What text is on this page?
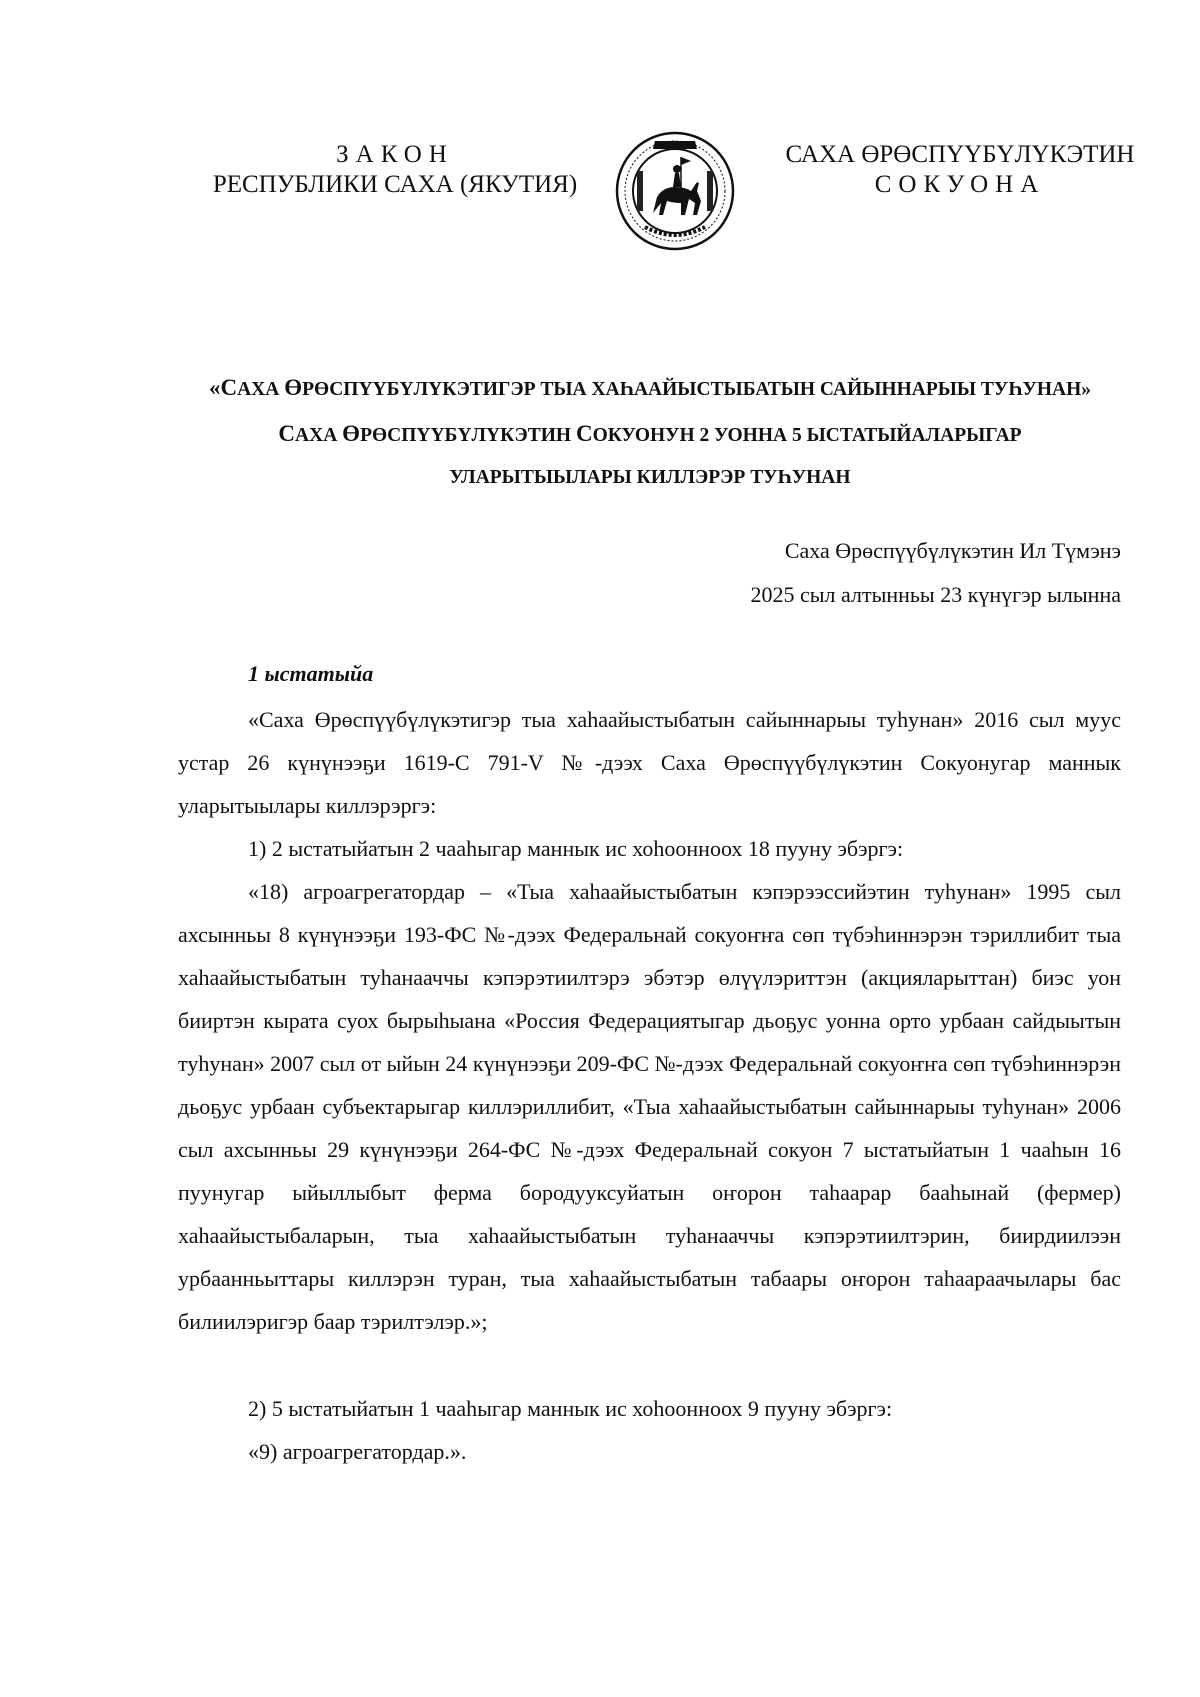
ЗАКОН
РЕСПУБЛИКИ САХА (ЯКУТИЯ)
САХА ӨРӨСПҮҮБҮЛҮКЭТИН
СОКУОНА
«САХА ӨРӨСПҮҮБҮЛҮКЭТИГЭР ТЫА ХАҺААЙЫСТЫБАТЫН САЙЫННАРЫЫ ТУҺУНАН»
САХА ӨРӨСПҮҮБҮЛҮКЭТИН СОКУОНУН 2 УОННА 5 ЫСТАТЫЙАЛАРЫГАР
УЛАРЫТЫЫЛАРЫ КИЛЛЭРЭР ТУҺУНАН
Саха Өрөспүүбүлүкэтин Ил Түмэнэ
2025 сыл алтынньы 23 күнүгэр ылынна
1 ыстатыйа
«Саха Өрөспүүбүлүкэтигэр тыа хаһаайыстыбатын сайыннарыы туһунан» 2016 сыл муус устар 26 күнүнээҕи 1619-С 791-V №-дээх Саха Өрөспүүбүлүкэтин Сокуонугар маннык уларытыылары киллэрэргэ:
1) 2 ыстатыйатын 2 чааһыгар маннык ис хоһоонноох 18 пууну эбэргэ:
«18) агроагрегатордар – «Тыа хаһаайыстыбатын кэпэрээссийэтин туһунан» 1995 сыл ахсынньы 8 күнүнээҕи 193-ФС №-дээх Федеральнай сокуоҥҥа сөп түбэһиннэрэн тэриллибит тыа хаһаайыстыбатын туһанааччы кэпэрэтиилтэрэ эбэтэр өлүүлэриттэн (акцияларыттан) биэс уон бииртэн кырата суох бырыһыана «Россия Федерациятыгар дьоҕус уонна орто урбаан сайдыытын туһунан» 2007 сыл от ыйын 24 күнүнээҕи 209-ФС №-дээх Федеральнай сокуоҥҥа сөп түбэһиннэрэн дьоҕус урбаан субъектарыгар киллэриллибит, «Тыа хаһаайыстыбатын сайыннарыы туһунан» 2006 сыл ахсынньы 29 күнүнээҕи 264-ФС №-дээх Федеральнай сокуон 7 ыстатыйатын 1 чааһын 16 пуунугар ыйыллыбыт ферма бородууксуйатын оҥорон таһаарар бааһынай (фермер) хаһаайыстыбаларын, тыа хаһаайыстыбатын туһанааччы кэпэрэтиилтэрин, биирдиилээн урбаанньыттары киллэрэн туран, тыа хаһаайыстыбатын табаары оҥорон таһаараачылары бас билиилэригэр баар тэрилтэлэр.»;
2) 5 ыстатыйатын 1 чааһыгар маннык ис хоһоонноох 9 пууну эбэргэ:
«9) агроагрегатордар.».
